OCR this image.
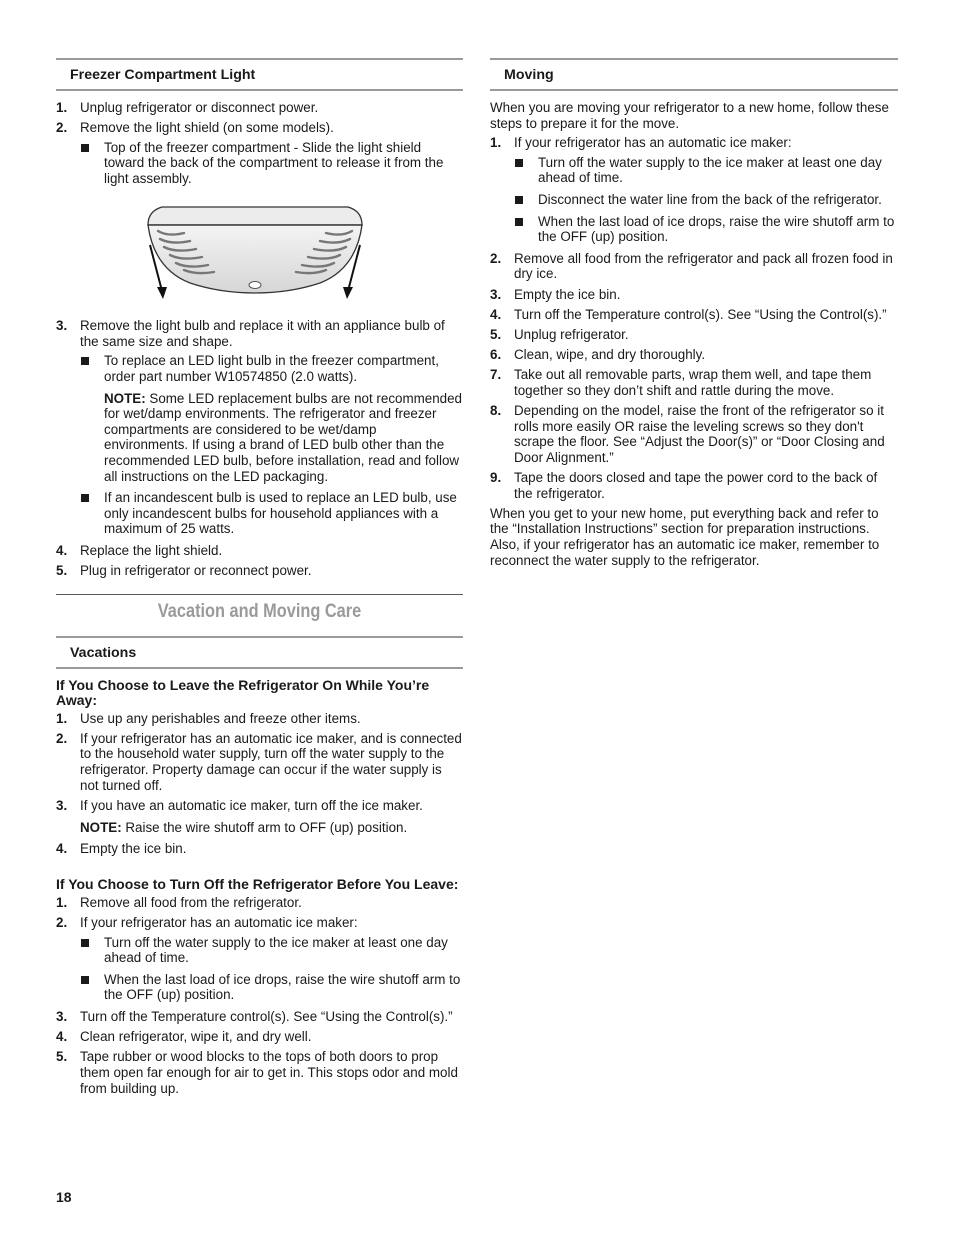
Freezer Compartment Light
1 . Unplug refrigerator or disconnect power.
2 . Remove the light shield (on some models).
Top of the freezer compartment - Slide the light shield toward the back of the compartment to release it from the light assembly.
3 . Remove the light bulb and replace it with an appliance bulb of the same size and shape.
To replace an LED light bulb in the freezer compartment, order part number W10574850 (2.0 watts).

NOTE: Some LED replacement bulbs are not recommended for wet/damp environments. The refrigerator and freezer compartments are considered to be wet/damp environments. If using a brand of LED bulb other than the recommended LED bulb, before installation, read and follow all instructions on the LED packaging.

If an incandescent bulb is used to replace an LED bulb, use only incandescent bulbs for household appliances with a maximum of 25 watts.
4 . Replace the light shield.
5 . Plug in refrigerator or reconnect power.
Vacation and Moving Care
Vacations

If You Choose to Leave the Refrigerator On While You’re Away:

1 . Use up any perishables and freeze other items.
2 . If your refrigerator has an automatic ice maker, and is connected to the household water supply, turn off the water supply to the refrigerator. Property damage can occur if the water supply is not turned off.
3 . If you have an automatic ice maker, turn off the ice maker.

NOTE: Raise the wire shutoff arm to OFF (up) position.

4 . Empty the ice bin.

If You Choose to Turn Off the Refrigerator Before You Leave:

1 . Remove all food from the refrigerator.
2 . If your refrigerator has an automatic ice maker:
Turn off the water supply to the ice maker at least one day ahead of time.
When the last load of ice drops, raise the wire shutoff arm to the OFF (up) position.
3 . Turn off the Temperature control(s). See “Using the Control(s).”
4 . Clean refrigerator, wipe it, and dry well.
5 . Tape rubber or wood blocks to the tops of both doors to prop them open far enough for air to get in. This stops odor and mold from building up.
Moving

When you are moving your refrigerator to a new home, follow these steps to prepare it for the move.

1 . If your refrigerator has an automatic ice maker:
Turn off the water supply to the ice maker at least one day ahead of time.
Disconnect the water line from the back of the refrigerator.
When the last load of ice drops, raise the wire shutoff arm to the OFF (up) position.
2 . Remove all food from the refrigerator and pack all frozen food in dry ice.
3 . Empty the ice bin.
4 . Turn off the Temperature control(s). See “Using the Control(s).”
5 . Unplug refrigerator.
6 . Clean, wipe, and dry thoroughly.
7 . Take out all removable parts, wrap them well, and tape them together so they don’t shift and rattle during the move.
8 . Depending on the model, raise the front of the refrigerator so it rolls more easily OR raise the leveling screws so they don't scrape the floor. See “Adjust the Door(s)” or “Door Closing and Door Alignment.”
9 . Tape the doors closed and tape the power cord to the back of the refrigerator.

When you get to your new home, put everything back and refer to the “Installation Instructions” section for preparation instructions. Also, if your refrigerator has an automatic ice maker, remember to reconnect the water supply to the refrigerator.

18
